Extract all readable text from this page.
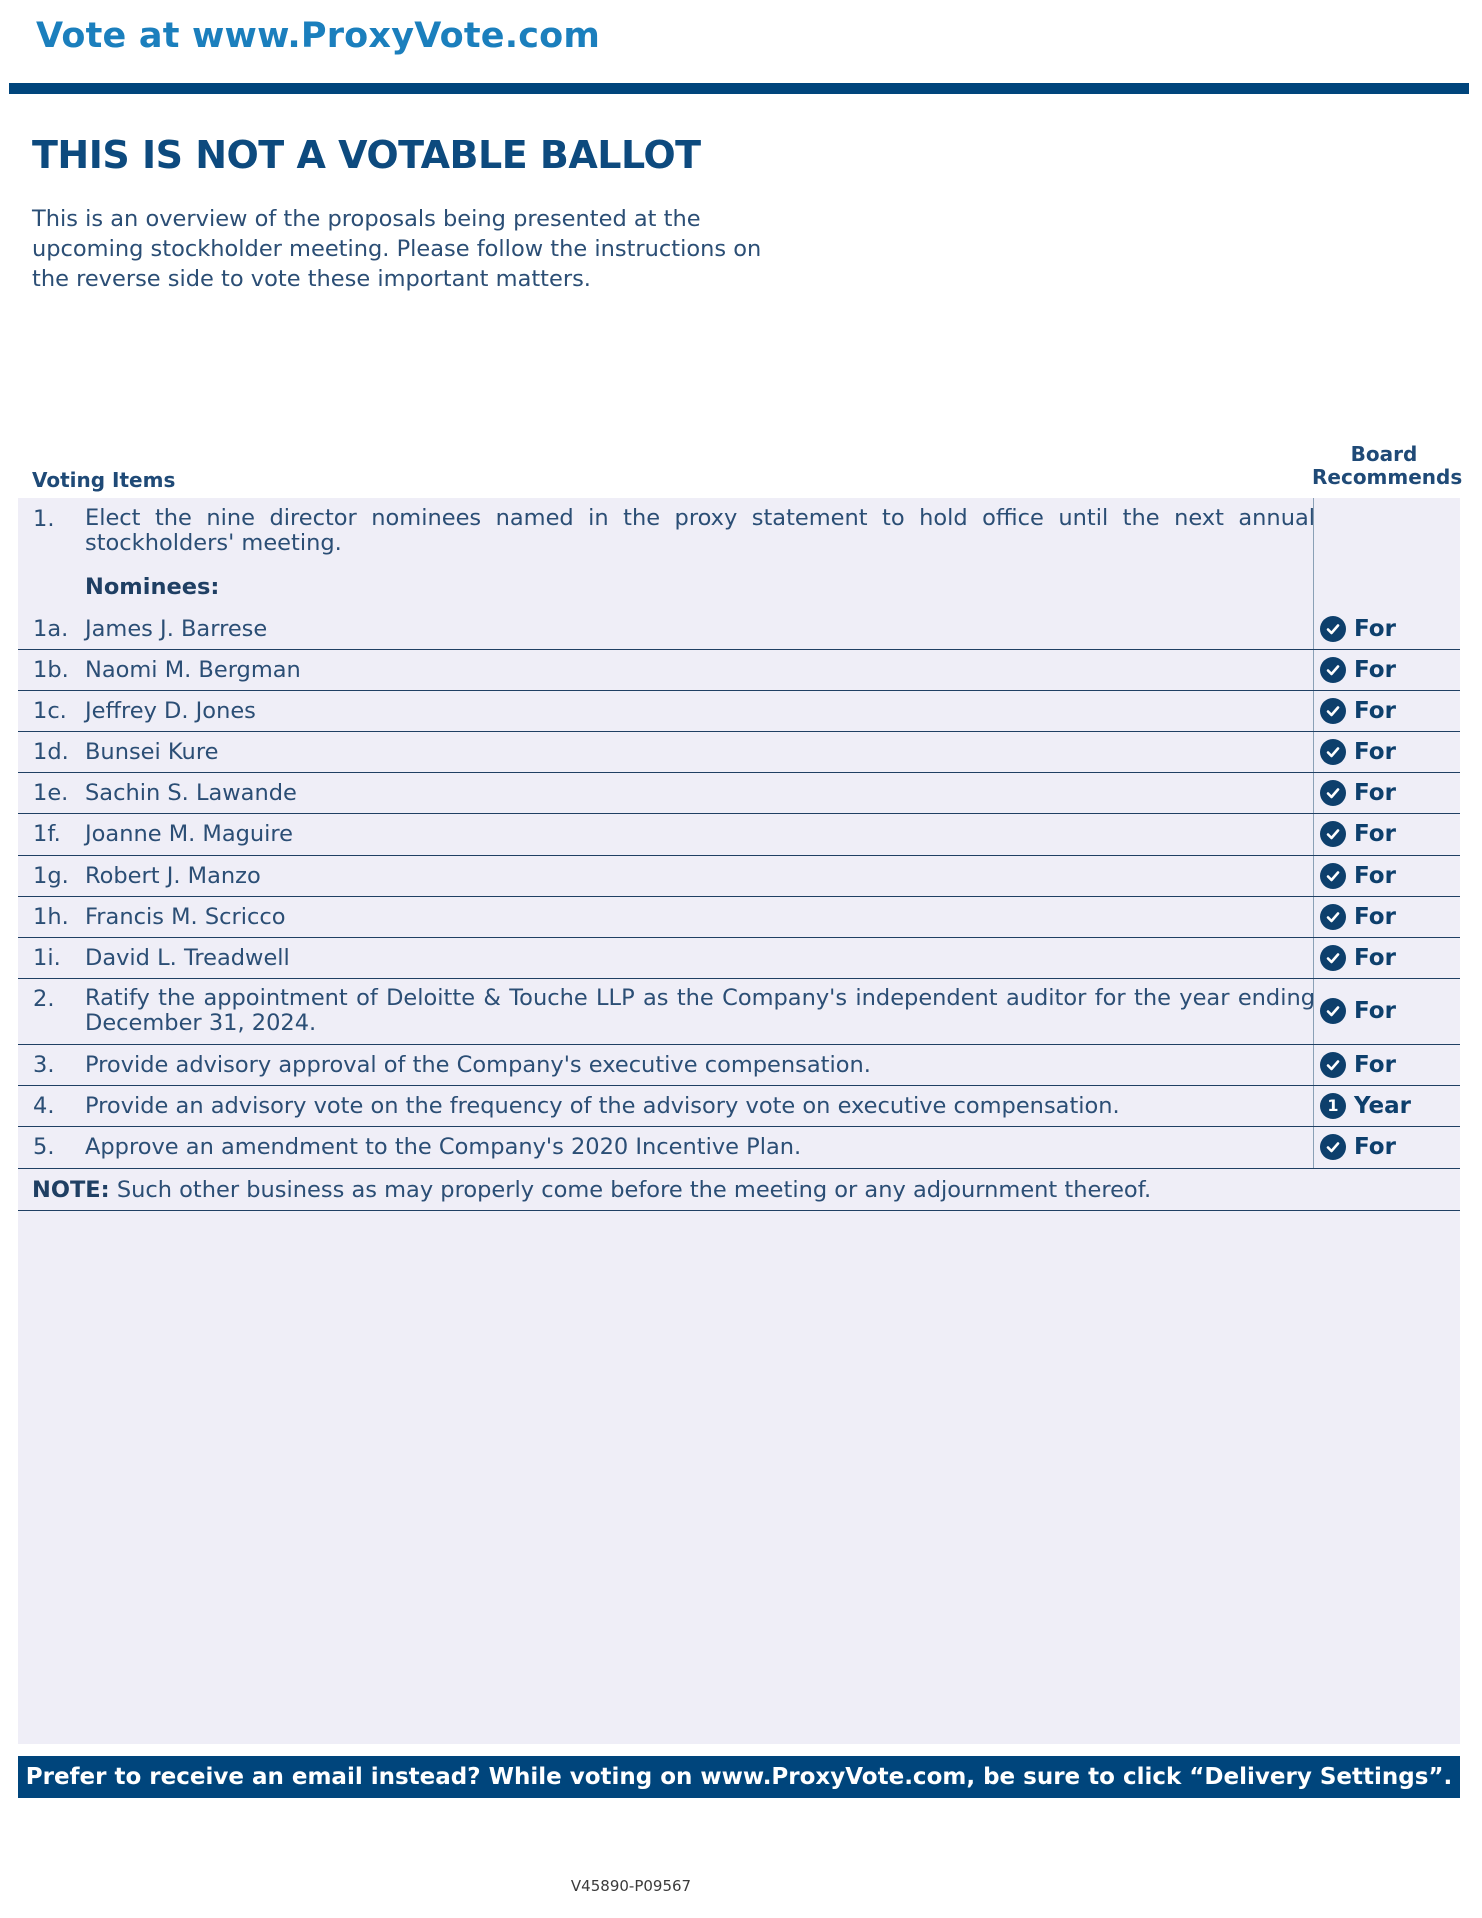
Vote at www.ProxyVote.com
THIS IS NOT A VOTABLE BALLOT
This is an overview of the proposals being presented at the
upcoming stockholder meeting. Please follow the instructions on
the reverse side to vote these important matters.
Voting Items
Board
Recommends
1. Elect the nine director nominees named in the proxy statement to hold office until the next annual stockholders' meeting.
Nominees:
1a. James J. Barrese	For
1b. Naomi M. Bergman	For
1c. Jeffrey D. Jones	For
1d. Bunsei Kure	For
1e. Sachin S. Lawande	For
1f. Joanne M. Maguire	For
1g. Robert J. Manzo	For
1h. Francis M. Scricco	For
1i. David L. Treadwell	For
2. Ratify the appointment of Deloitte & Touche LLP as the Company's independent auditor for the year ending December 31, 2024.	For
3. Provide advisory approval of the Company's executive compensation.	For
4. Provide an advisory vote on the frequency of the advisory vote on executive compensation.	1 Year
5. Approve an amendment to the Company's 2020 Incentive Plan.	For
NOTE: Such other business as may properly come before the meeting or any adjournment thereof.
Prefer to receive an email instead? While voting on www.ProxyVote.com, be sure to click “Delivery Settings”.
V45890-P09567
